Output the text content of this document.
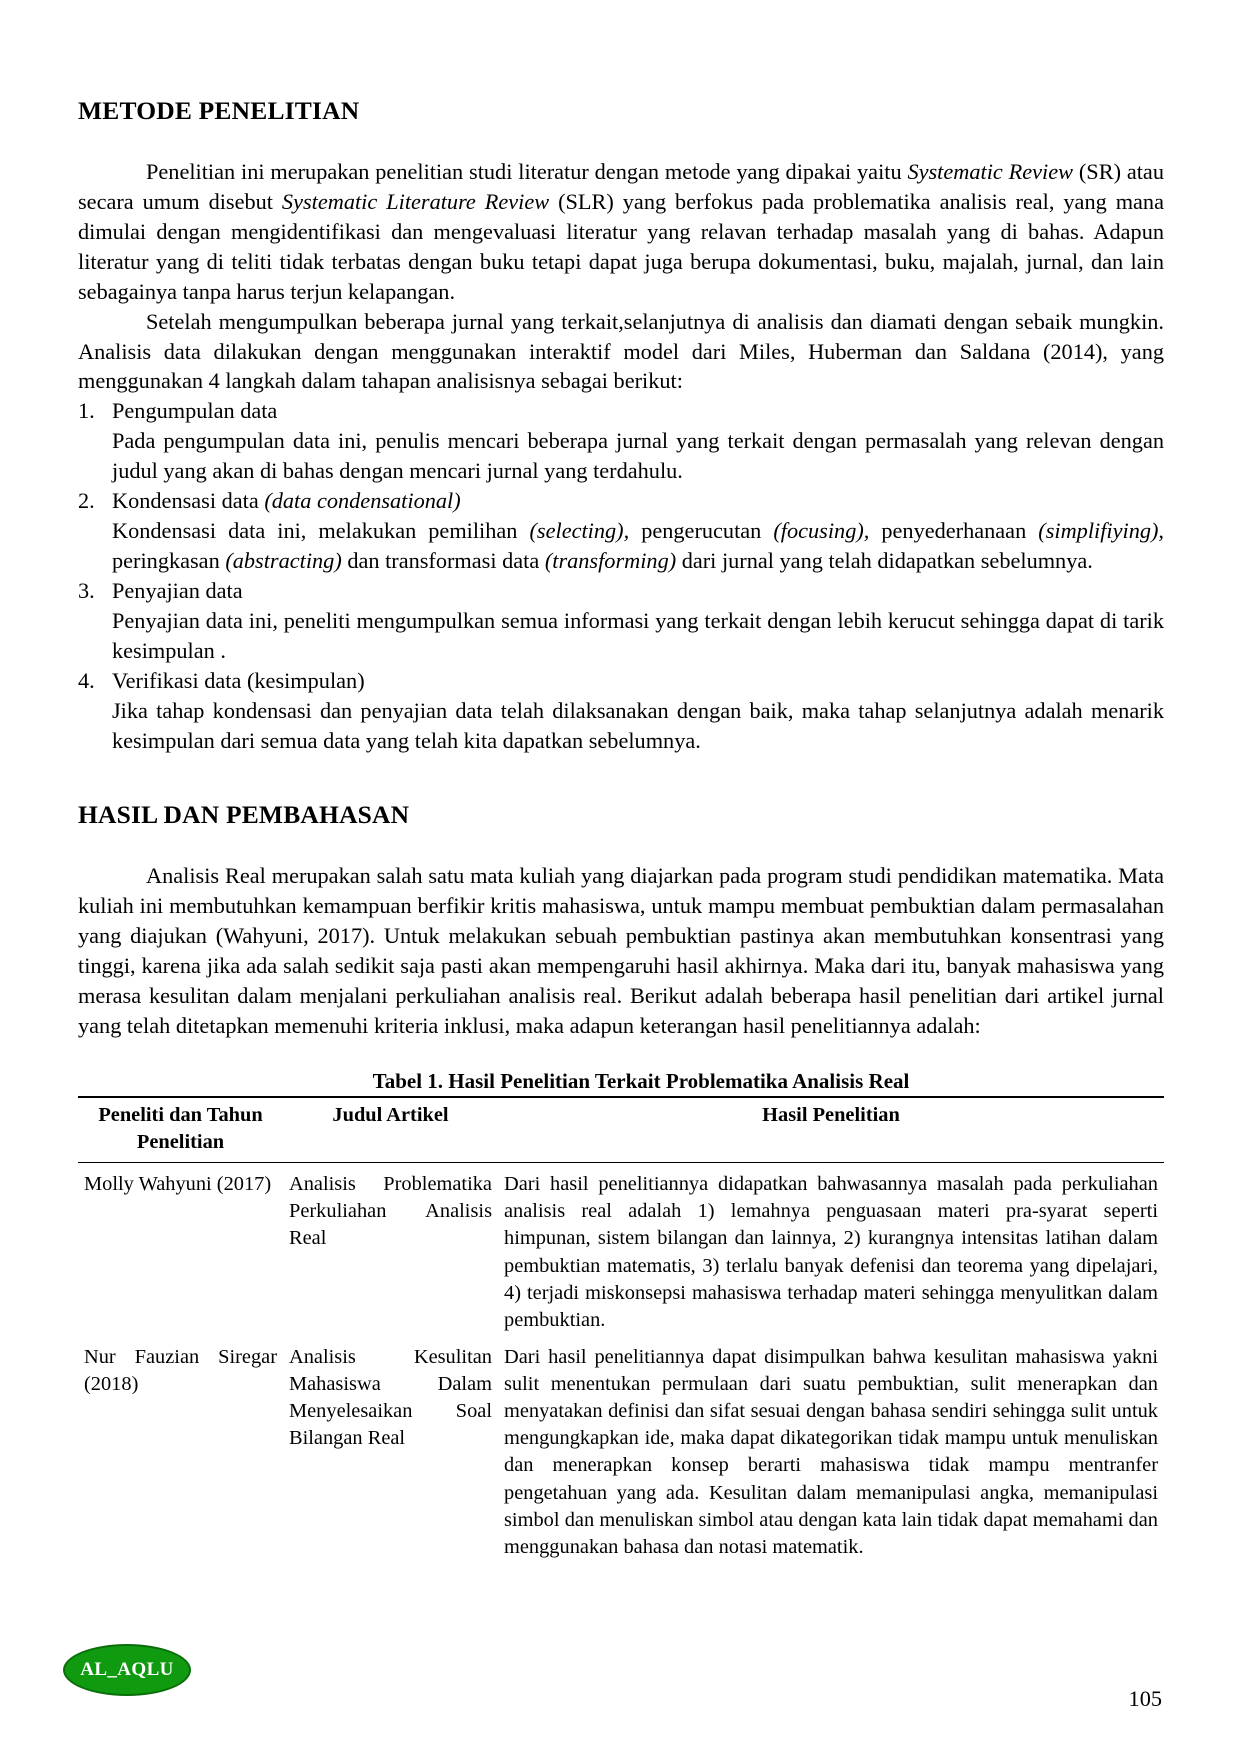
METODE PENELITIAN

Penelitian ini merupakan penelitian studi literatur dengan metode yang dipakai yaitu Systematic Review (SR) atau secara umum disebut Systematic Literature Review (SLR) yang berfokus pada problematika analisis real, yang mana dimulai dengan mengidentifikasi dan mengevaluasi literatur yang relavan terhadap masalah yang di bahas. Adapun literatur yang di teliti tidak terbatas dengan buku tetapi dapat juga berupa dokumentasi, buku, majalah, jurnal, dan lain sebagainya tanpa harus terjun kelapangan.

Setelah mengumpulkan beberapa jurnal yang terkait,selanjutnya di analisis dan diamati dengan sebaik mungkin. Analisis data dilakukan dengan menggunakan interaktif model dari Miles, Huberman dan Saldana (2014), yang menggunakan 4 langkah dalam tahapan analisisnya sebagai berikut:

1. Pengumpulan data
Pada pengumpulan data ini, penulis mencari beberapa jurnal yang terkait dengan permasalah yang relevan dengan judul yang akan di bahas dengan mencari jurnal yang terdahulu.
2. Kondensasi data (data condensational)
Kondensasi data ini, melakukan pemilihan (selecting), pengerucutan (focusing), penyederhanaan (simplifiying), peringkasan (abstracting) dan transformasi data (transforming) dari jurnal yang telah didapatkan sebelumnya.
3. Penyajian data
Penyajian data ini, peneliti mengumpulkan semua informasi yang terkait dengan lebih kerucut sehingga dapat di tarik kesimpulan .
4. Verifikasi data (kesimpulan)
Jika tahap kondensasi dan penyajian data telah dilaksanakan dengan baik, maka tahap selanjutnya adalah menarik kesimpulan dari semua data yang telah kita dapatkan sebelumnya.
HASIL DAN PEMBAHASAN

Analisis Real merupakan salah satu mata kuliah yang diajarkan pada program studi pendidikan matematika. Mata kuliah ini membutuhkan kemampuan berfikir kritis mahasiswa, untuk mampu membuat pembuktian dalam permasalahan yang diajukan (Wahyuni, 2017). Untuk melakukan sebuah pembuktian pastinya akan membutuhkan konsentrasi yang tinggi, karena jika ada salah sedikit saja pasti akan mempengaruhi hasil akhirnya. Maka dari itu, banyak mahasiswa yang merasa kesulitan dalam menjalani perkuliahan analisis real. Berikut adalah beberapa hasil penelitian dari artikel jurnal yang telah ditetapkan memenuhi kriteria inklusi, maka adapun keterangan hasil penelitiannya adalah:

Tabel 1. Hasil Penelitian Terkait Problematika Analisis Real
Peneliti dan Tahun Penelitian	Judul Artikel	Hasil Penelitian
Molly Wahyuni (2017)	Analisis Problematika Perkuliahan Analisis Real	Dari hasil penelitiannya didapatkan bahwasannya masalah pada perkuliahan analisis real adalah 1) lemahnya penguasaan materi pra-syarat seperti himpunan, sistem bilangan dan lainnya, 2) kurangnya intensitas latihan dalam pembuktian matematis, 3) terlalu banyak defenisi dan teorema yang dipelajari, 4) terjadi miskonsepsi mahasiswa terhadap materi sehingga menyulitkan dalam pembuktian.
Nur Fauzian Siregar (2018)	Analisis Kesulitan Mahasiswa Dalam Menyelesaikan Soal Bilangan Real	Dari hasil penelitiannya dapat disimpulkan bahwa kesulitan mahasiswa yakni sulit menentukan permulaan dari suatu pembuktian, sulit menerapkan dan menyatakan definisi dan sifat sesuai dengan bahasa sendiri sehingga sulit untuk mengungkapkan ide, maka dapat dikategorikan tidak mampu untuk menuliskan dan menerapkan konsep berarti mahasiswa tidak mampu mentranfer pengetahuan yang ada. Kesulitan dalam memanipulasi angka, memanipulasi simbol dan menuliskan simbol atau dengan kata lain tidak dapat memahami dan menggunakan bahasa dan notasi matematik.
AL_AQLU
105
